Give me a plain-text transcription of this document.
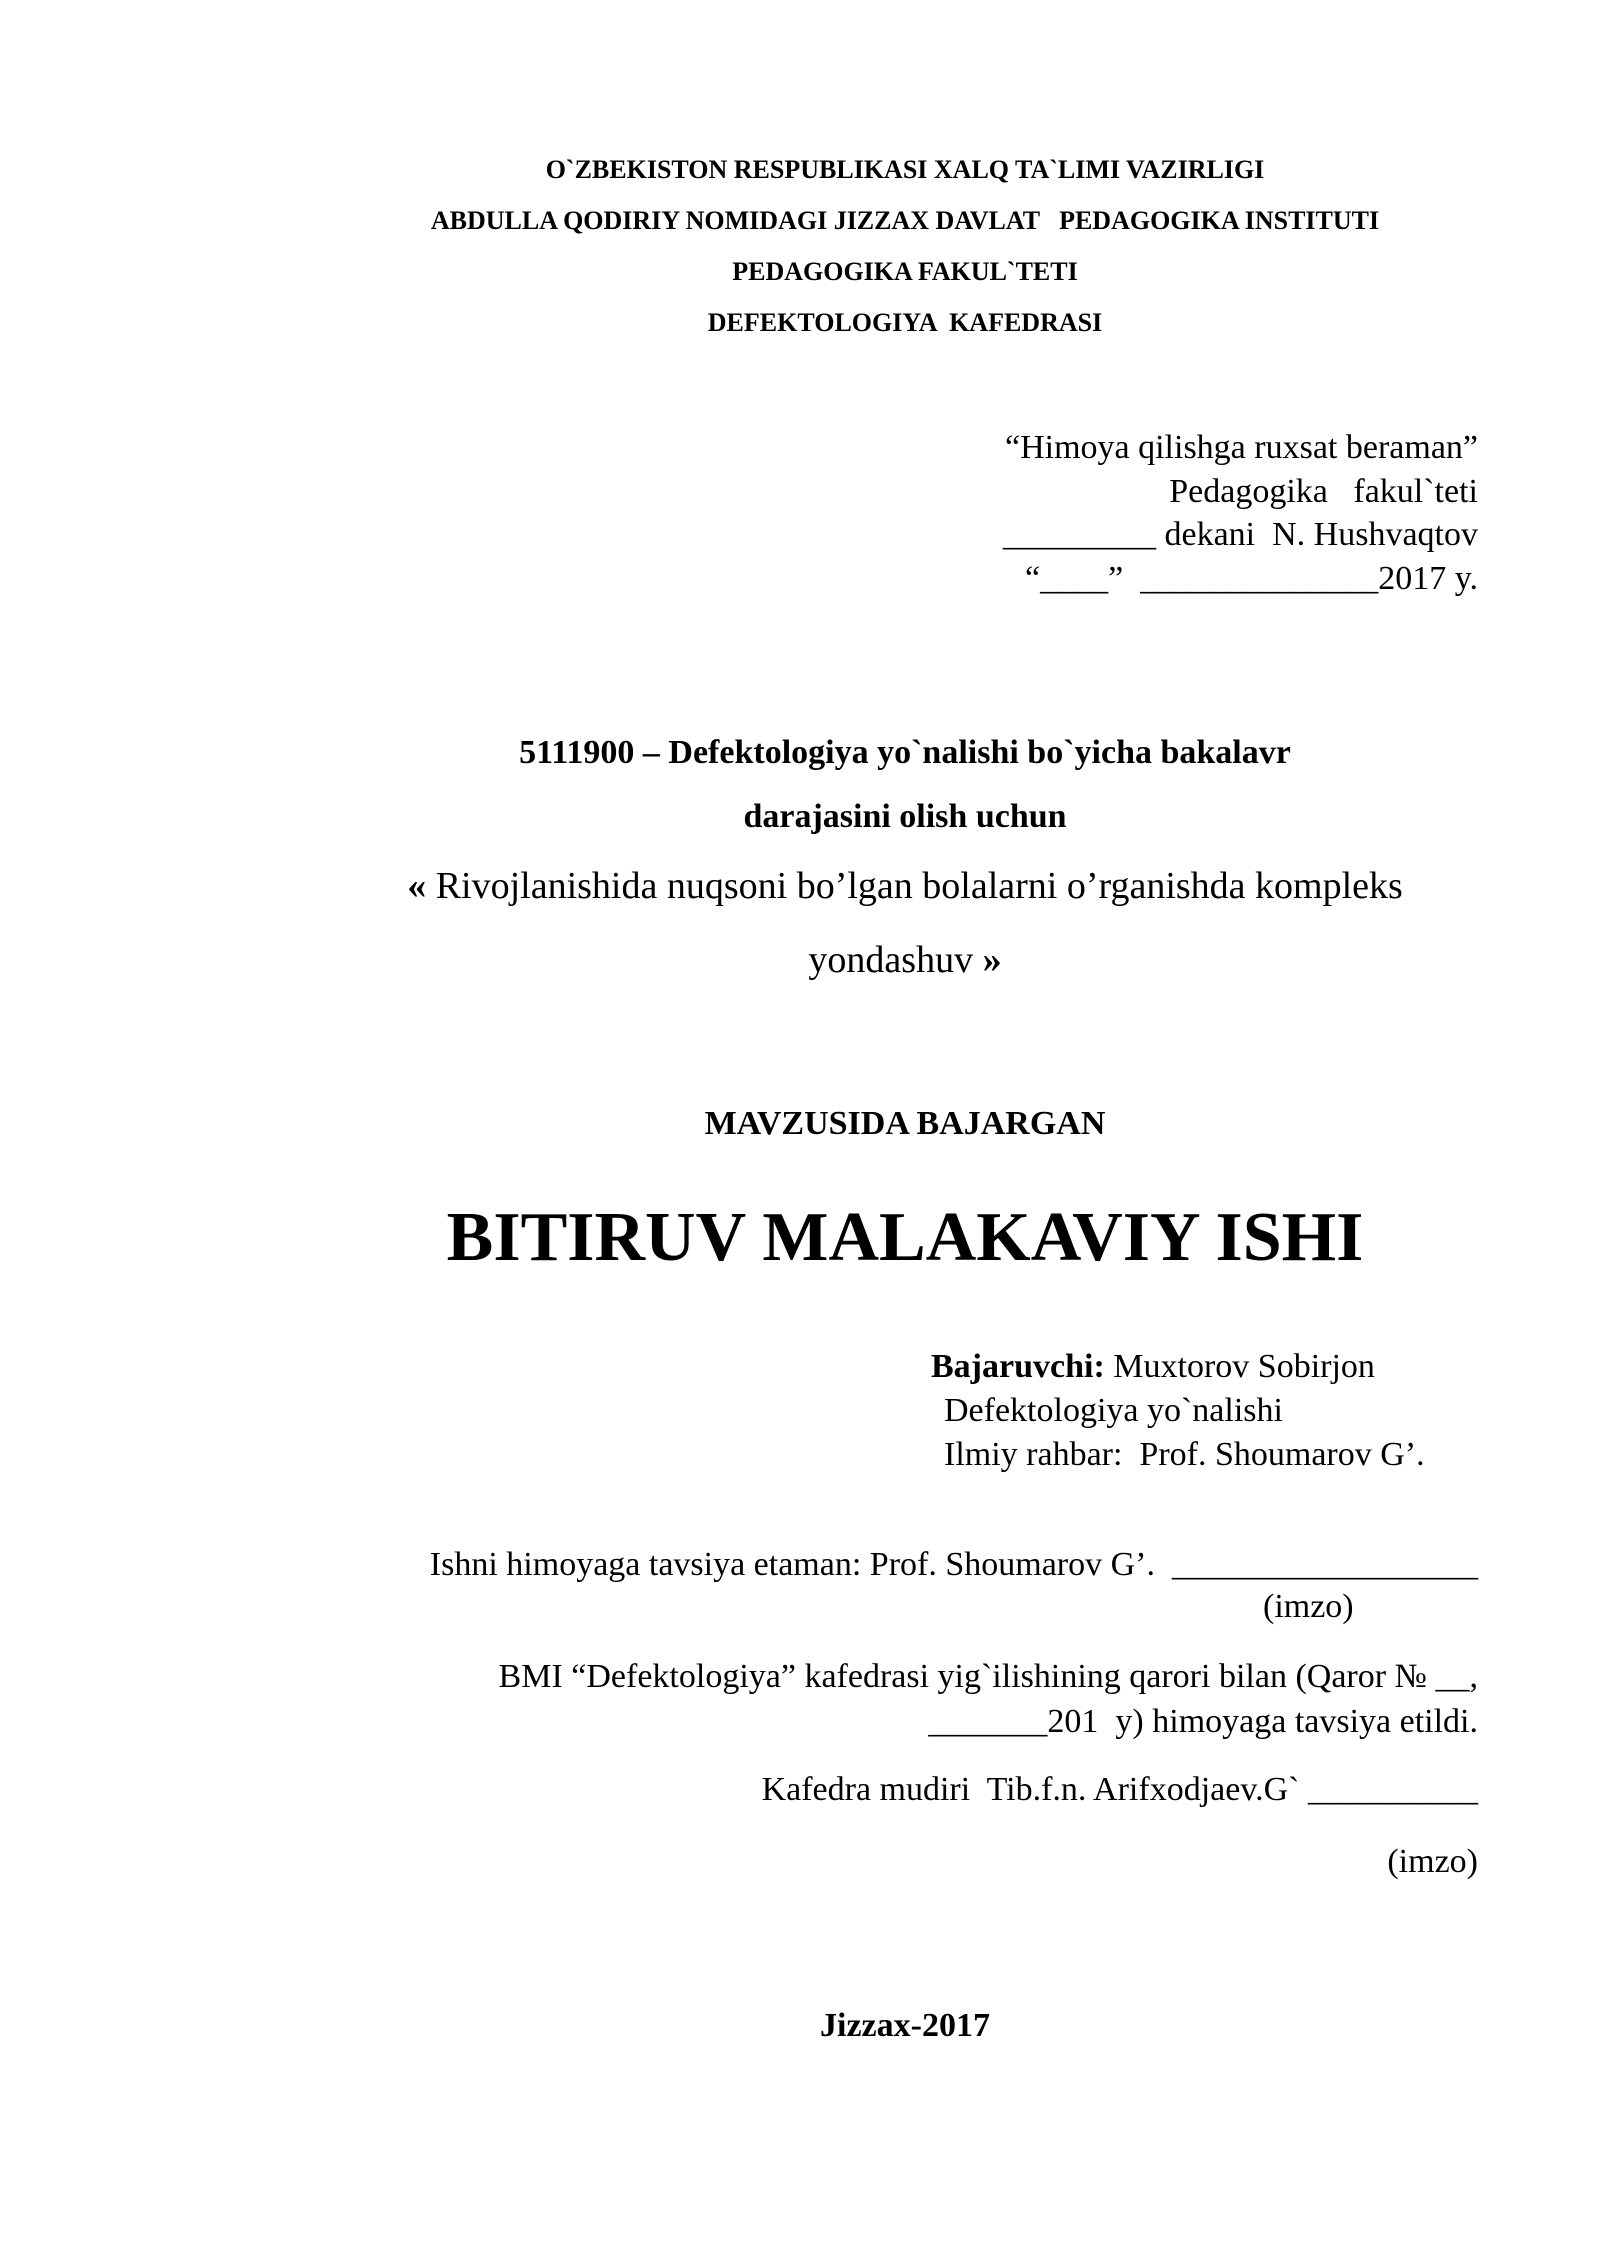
O`ZBEKISTON RESPUBLIKASI XALQ TA`LIMI VAZIRLIGI
ABDULLA QODIRIY NOMIDAGI JIZZAX DAVLAT   PEDAGOGIKA INSTITUTI
PEDAGOGIKA FAKUL`TETI
DEFEKTOLOGIYA  KAFEDRASI
“Himoya qilishga ruxsat beraman”
Pedagogika   fakul`teti
_________ dekani  N. Hushvaqtov
“____”  ______________2017 y.
5111900 – Defektologiya yo`nalishi bo`yicha bakalavr
darajasini olish uchun
« Rivojlanishida nuqsoni bo’lgan bolalarni o’rganishda kompleks
yondashuv »
MAVZUSIDA BAJARGAN
BITIRUV MALAKAVIY ISHI
Bajaruvchi: Muxtorov Sobirjon
Defektologiya yo`nalishi
Ilmiy rahbar:  Prof. Shoumarov G’.
Ishni himoyaga tavsiya etaman: Prof. Shoumarov G’.  __________________
(imzo)
BMI “Defektologiya” kafedrasi yig`ilishining qarori bilan (Qaror № __,
_______201  y) himoyaga tavsiya etildi.
Kafedra mudiri  Tib.f.n. Arifxodjaev.G` __________
(imzo)
Jizzax-2017
